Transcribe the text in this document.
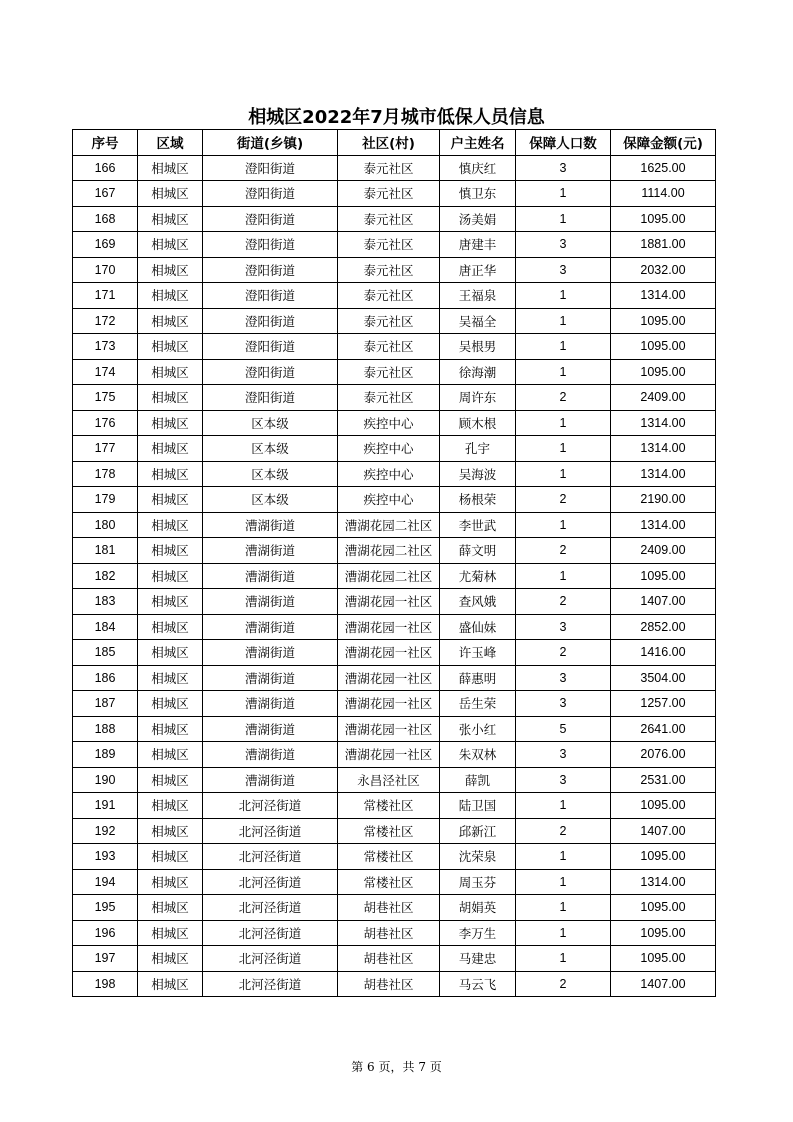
相城区2022年7月城市低保人员信息
序号	区域	街道(乡镇)	社区(村)	户主姓名	保障人口数	保障金额(元)
166	相城区	澄阳街道	泰元社区	慎庆红	3	1625.00
167	相城区	澄阳街道	泰元社区	慎卫东	1	1114.00
168	相城区	澄阳街道	泰元社区	汤美娟	1	1095.00
169	相城区	澄阳街道	泰元社区	唐建丰	3	1881.00
170	相城区	澄阳街道	泰元社区	唐正华	3	2032.00
171	相城区	澄阳街道	泰元社区	王福泉	1	1314.00
172	相城区	澄阳街道	泰元社区	吴福全	1	1095.00
173	相城区	澄阳街道	泰元社区	吴根男	1	1095.00
174	相城区	澄阳街道	泰元社区	徐海潮	1	1095.00
175	相城区	澄阳街道	泰元社区	周许东	2	2409.00
176	相城区	区本级	疾控中心	顾木根	1	1314.00
177	相城区	区本级	疾控中心	孔宇	1	1314.00
178	相城区	区本级	疾控中心	吴海波	1	1314.00
179	相城区	区本级	疾控中心	杨根荣	2	2190.00
180	相城区	漕湖街道	漕湖花园二社区	李世武	1	1314.00
181	相城区	漕湖街道	漕湖花园二社区	薛文明	2	2409.00
182	相城区	漕湖街道	漕湖花园二社区	尤菊林	1	1095.00
183	相城区	漕湖街道	漕湖花园一社区	查风娥	2	1407.00
184	相城区	漕湖街道	漕湖花园一社区	盛仙妹	3	2852.00
185	相城区	漕湖街道	漕湖花园一社区	许玉峰	2	1416.00
186	相城区	漕湖街道	漕湖花园一社区	薛惠明	3	3504.00
187	相城区	漕湖街道	漕湖花园一社区	岳生荣	3	1257.00
188	相城区	漕湖街道	漕湖花园一社区	张小红	5	2641.00
189	相城区	漕湖街道	漕湖花园一社区	朱双林	3	2076.00
190	相城区	漕湖街道	永昌泾社区	薛凯	3	2531.00
191	相城区	北河泾街道	常楼社区	陆卫国	1	1095.00
192	相城区	北河泾街道	常楼社区	邱新江	2	1407.00
193	相城区	北河泾街道	常楼社区	沈荣泉	1	1095.00
194	相城区	北河泾街道	常楼社区	周玉芬	1	1314.00
195	相城区	北河泾街道	胡巷社区	胡娟英	1	1095.00
196	相城区	北河泾街道	胡巷社区	李万生	1	1095.00
197	相城区	北河泾街道	胡巷社区	马建忠	1	1095.00
198	相城区	北河泾街道	胡巷社区	马云飞	2	1407.00
第 6 页，共 7 页
